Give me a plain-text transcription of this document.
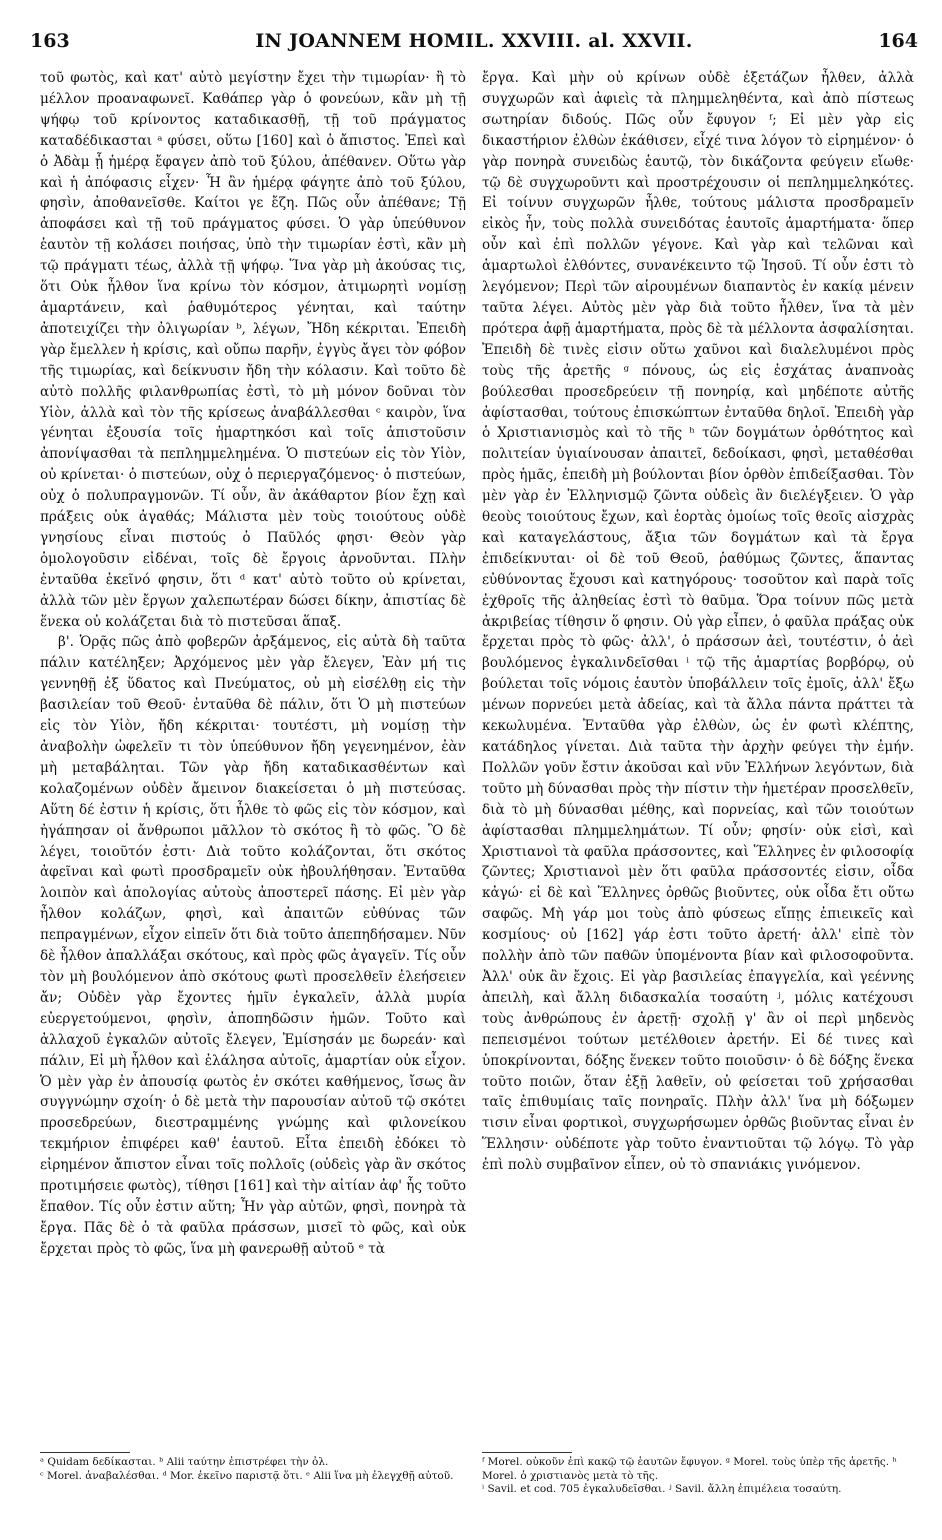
163	IN JOANNEM HOMIL. XXVIII. al. XXVII.	164

τοῦ φωτὸς, καὶ κατ' αὐτὸ μεγίστην ἔχει τὴν τιμωρίαν· ἢ τὸ μέλλον προαναφωνεῖ. Καθάπερ γὰρ ὁ φονεύων, κἂν μὴ τῇ ψήφῳ τοῦ κρίνοντος καταδικασθῇ, τῇ τοῦ πράγματος καταδέδικασται ᵃ φύσει, οὕτω [160] καὶ ὁ ἄπιστος. Ἐπεὶ καὶ ὁ Ἀδὰμ ᾗ ἡμέρᾳ ἔφαγεν ἀπὸ τοῦ ξύλου, ἀπέθανεν. Οὕτω γὰρ καὶ ἡ ἀπόφασις εἶχεν· Ἧ ἂν ἡμέρᾳ φάγητε ἀπὸ τοῦ ξύλου, φησὶν, ἀποθανεῖσθε. Καίτοι γε ἔζη. Πῶς οὖν ἀπέθανε; Τῇ ἀποφάσει καὶ τῇ τοῦ πράγματος φύσει. Ὁ γὰρ ὑπεύθυνον ἑαυτὸν τῇ κολάσει ποιήσας, ὑπὸ τὴν τιμωρίαν ἐστὶ, κἂν μὴ τῷ πράγματι τέως, ἀλλὰ τῇ ψήφῳ. Ἵνα γὰρ μὴ ἀκούσας τις, ὅτι Οὐκ ἦλθον ἵνα κρίνω τὸν κόσμον, ἀτιμωρητὶ νομίσῃ ἁμαρτάνειν, καὶ ῥαθυμότερος γένηται, καὶ ταύτην ἀποτειχίζει τὴν ὀλιγωρίαν ᵇ, λέγων, Ἤδη κέκριται. Ἐπειδὴ γὰρ ἔμελλεν ἡ κρίσις, καὶ οὔπω παρῆν, ἐγγὺς ἄγει τὸν φόβον τῆς τιμωρίας, καὶ δείκνυσιν ἤδη τὴν κόλασιν. Καὶ τοῦτο δὲ αὐτὸ πολλῆς φιλανθρωπίας ἐστὶ, τὸ μὴ μόνον δοῦναι τὸν Υἱὸν, ἀλλὰ καὶ τὸν τῆς κρίσεως ἀναβάλλεσθαι ᶜ καιρὸν, ἵνα γένηται ἐξουσία τοῖς ἡμαρτηκόσι καὶ τοῖς ἀπιστοῦσιν ἀπονίψασθαι τὰ πεπλημμελημένα. Ὁ πιστεύων εἰς τὸν Υἱὸν, οὐ κρίνεται· ὁ πιστεύων, οὐχ ὁ περιεργαζόμενος· ὁ πιστεύων, οὐχ ὁ πολυπραγμονῶν. Τί οὖν, ἂν ἀκάθαρτον βίον ἔχῃ καὶ πράξεις οὐκ ἀγαθάς; Μάλιστα μὲν τοὺς τοιούτους οὐδὲ γνησίους εἶναι πιστούς ὁ Παῦλός φησι· Θεὸν γὰρ ὁμολογοῦσιν εἰδέναι, τοῖς δὲ ἔργοις ἀρνοῦνται. Πλὴν ἐνταῦθα ἐκεῖνό φησιν, ὅτι ᵈ κατ' αὐτὸ τοῦτο οὐ κρίνεται, ἀλλὰ τῶν μὲν ἔργων χαλεπωτέραν δώσει δίκην, ἀπιστίας δὲ ἕνεκα οὐ κολάζεται διὰ τὸ πιστεῦσαι ἅπαξ.

β'. Ὁρᾷς πῶς ἀπὸ φοβερῶν ἀρξάμενος, εἰς αὐτὰ δὴ ταῦτα πάλιν κατέληξεν; Ἀρχόμενος μὲν γὰρ ἔλεγεν, Ἐὰν μή τις γεννηθῇ ἐξ ὕδατος καὶ Πνεύματος, οὐ μὴ εἰσέλθῃ εἰς τὴν βασιλείαν τοῦ Θεοῦ· ἐνταῦθα δὲ πάλιν, ὅτι Ὁ μὴ πιστεύων εἰς τὸν Υἱὸν, ἤδη κέκριται· τουτέστι, μὴ νομίσῃ τὴν ἀναβολὴν ὠφελεῖν τι τὸν ὑπεύθυνον ἤδη γεγενημένον, ἐὰν μὴ μεταβάληται. Τῶν γὰρ ἤδη καταδικασθέντων καὶ κολαζομένων οὐδὲν ἄμεινον διακείσεται ὁ μὴ πιστεύσας. Αὕτη δέ ἐστιν ἡ κρίσις, ὅτι ἦλθε τὸ φῶς εἰς τὸν κόσμον, καὶ ἠγάπησαν οἱ ἄνθρωποι μᾶλλον τὸ σκότος ἢ τὸ φῶς. Ὃ δὲ λέγει, τοιοῦτόν ἐστι· Διὰ τοῦτο κολάζονται, ὅτι σκότος ἀφεῖναι καὶ φωτὶ προσδραμεῖν οὐκ ἠβουλήθησαν. Ἐνταῦθα λοιπὸν καὶ ἀπολογίας αὐτοὺς ἀποστερεῖ πάσης. Εἰ μὲν γὰρ ἦλθον κολάζων, φησὶ, καὶ ἀπαιτῶν εὐθύνας τῶν πεπραγμένων, εἶχον εἰπεῖν ὅτι διὰ τοῦτο ἀπεπηδήσαμεν. Νῦν δὲ ἦλθον ἀπαλλάξαι σκότους, καὶ πρὸς φῶς ἀγαγεῖν. Τίς οὖν τὸν μὴ βουλόμενον ἀπὸ σκότους φωτὶ προσελθεῖν ἐλεήσειεν ἄν; Οὐδὲν γὰρ ἔχοντες ἡμῖν ἐγκαλεῖν, ἀλλὰ μυρία εὐεργετούμενοι, φησὶν, ἀποπηδῶσιν ἡμῶν. Τοῦτο καὶ ἀλλαχοῦ ἐγκαλῶν αὐτοῖς ἔλεγεν, Ἐμίσησάν με δωρεάν· καὶ πάλιν, Εἰ μὴ ἦλθον καὶ ἐλάλησα αὐτοῖς, ἁμαρτίαν οὐκ εἶχον. Ὁ μὲν γὰρ ἐν ἀπουσίᾳ φωτὸς ἐν σκότει καθήμενος, ἴσως ἂν συγγνώμην σχοίη· ὁ δὲ μετὰ τὴν παρουσίαν αὐτοῦ τῷ σκότει προσεδρεύων, διεστραμμένης γνώμης καὶ φιλονείκου τεκμήριον ἐπιφέρει καθ' ἑαυτοῦ. Εἶτα ἐπειδὴ ἐδόκει τὸ εἰρημένον ἄπιστον εἶναι τοῖς πολλοῖς (οὐδεὶς γὰρ ἂν σκότος προτιμήσειε φωτὸς), τίθησι [161] καὶ τὴν αἰτίαν ἀφ' ἧς τοῦτο ἔπαθον. Τίς οὖν ἐστιν αὕτη; Ἦν γὰρ αὐτῶν, φησὶ, πονηρὰ τὰ ἔργα. Πᾶς δὲ ὁ τὰ φαῦλα πράσσων, μισεῖ τὸ φῶς, καὶ οὐκ ἔρχεται πρὸς τὸ φῶς, ἵνα μὴ φανερωθῇ αὐτοῦ ᵉ τὰ

ἔργα. Καὶ μὴν οὐ κρίνων οὐδὲ ἐξετάζων ἦλθεν, ἀλλὰ συγχωρῶν καὶ ἀφιεὶς τὰ πλημμεληθέντα, καὶ ἀπὸ πίστεως σωτηρίαν διδούς. Πῶς οὖν ἔφυγον ᶠ; Εἰ μὲν γὰρ εἰς δικαστήριον ἐλθὼν ἐκάθισεν, εἶχέ τινα λόγον τὸ εἰρημένον· ὁ γὰρ πονηρὰ συνειδὼς ἑαυτῷ, τὸν δικάζοντα φεύγειν εἴωθε· τῷ δὲ συγχωροῦντι καὶ προστρέχουσιν οἱ πεπλημμεληκότες. Εἰ τοίνυν συγχωρῶν ἦλθε, τούτους μάλιστα προσδραμεῖν εἰκὸς ἦν, τοὺς πολλὰ συνειδότας ἑαυτοῖς ἁμαρτήματα· ὅπερ οὖν καὶ ἐπὶ πολλῶν γέγονε. Καὶ γὰρ καὶ τελῶναι καὶ ἁμαρτωλοὶ ἐλθόντες, συνανέκειντο τῷ Ἰησοῦ. Τί οὖν ἐστι τὸ λεγόμενον; Περὶ τῶν αἱρουμένων διαπαντὸς ἐν κακίᾳ μένειν ταῦτα λέγει. Αὐτὸς μὲν γὰρ διὰ τοῦτο ἦλθεν, ἵνα τὰ μὲν πρότερα ἀφῇ ἁμαρτήματα, πρὸς δὲ τὰ μέλλοντα ἀσφαλίσηται. Ἐπειδὴ δὲ τινὲς εἰσιν οὕτω χαῦνοι καὶ διαλελυμένοι πρὸς τοὺς τῆς ἀρετῆς ᵍ πόνους, ὡς εἰς ἐσχάτας ἀναπνοὰς βούλεσθαι προσεδρεύειν τῇ πονηρίᾳ, καὶ μηδέποτε αὐτῆς ἀφίστασθαι, τούτους ἐπισκώπτων ἐνταῦθα δηλοῖ. Ἐπειδὴ γὰρ ὁ Χριστιανισμὸς καὶ τὸ τῆς ʰ τῶν δογμάτων ὀρθότητος καὶ πολιτείαν ὑγιαίνουσαν ἀπαιτεῖ, δεδοίκασι, φησὶ, μεταθέσθαι πρὸς ἡμᾶς, ἐπειδὴ μὴ βούλονται βίον ὀρθὸν ἐπιδείξασθαι. Τὸν μὲν γὰρ ἐν Ἑλληνισμῷ ζῶντα οὐδεὶς ἂν διελέγξειεν. Ὁ γὰρ θεοὺς τοιούτους ἔχων, καὶ ἑορτὰς ὁμοίως τοῖς θεοῖς αἰσχρὰς καὶ καταγελάστους, ἄξια τῶν δογμάτων καὶ τὰ ἔργα ἐπιδείκνυται· οἱ δὲ τοῦ Θεοῦ, ῥαθύμως ζῶντες, ἅπαντας εὐθύνοντας ἔχουσι καὶ κατηγόρους· τοσοῦτον καὶ παρὰ τοῖς ἐχθροῖς τῆς ἀληθείας ἐστὶ τὸ θαῦμα. Ὅρα τοίνυν πῶς μετὰ ἀκριβείας τίθησιν ὅ φησιν. Οὐ γὰρ εἶπεν, ὁ φαῦλα πράξας οὐκ ἔρχεται πρὸς τὸ φῶς· ἀλλ', ὁ πράσσων ἀεὶ, τουτέστιν, ὁ ἀεὶ βουλόμενος ἐγκαλινδεῖσθαι ⁱ τῷ τῆς ἁμαρτίας βορβόρῳ, οὐ βούλεται τοῖς νόμοις ἑαυτὸν ὑποβάλλειν τοῖς ἐμοῖς, ἀλλ' ἔξω μένων πορνεύει μετὰ ἀδείας, καὶ τὰ ἄλλα πάντα πράττει τὰ κεκωλυμένα. Ἐνταῦθα γὰρ ἐλθὼν, ὡς ἐν φωτὶ κλέπτης, κατάδηλος γίνεται. Διὰ ταῦτα τὴν ἀρχὴν φεύγει τὴν ἐμήν. Πολλῶν γοῦν ἔστιν ἀκοῦσαι καὶ νῦν Ἑλλήνων λεγόντων, διὰ τοῦτο μὴ δύνασθαι πρὸς τὴν πίστιν τὴν ἡμετέραν προσελθεῖν, διὰ τὸ μὴ δύνασθαι μέθης, καὶ πορνείας, καὶ τῶν τοιούτων ἀφίστασθαι πλημμελημάτων. Τί οὖν; φησίν· οὐκ εἰσὶ, καὶ Χριστιανοὶ τὰ φαῦλα πράσσοντες, καὶ Ἕλληνες ἐν φιλοσοφίᾳ ζῶντες; Χριστιανοὶ μὲν ὅτι φαῦλα πράσσοντές εἰσιν, οἶδα κἀγώ· εἰ δὲ καὶ Ἕλληνες ὀρθῶς βιοῦντες, οὐκ οἶδα ἔτι οὕτω σαφῶς. Μὴ γάρ μοι τοὺς ἀπὸ φύσεως εἴπῃς ἐπιεικεῖς καὶ κοσμίους· οὐ [162] γάρ ἐστι τοῦτο ἀρετή· ἀλλ' εἰπὲ τὸν πολλὴν ἀπὸ τῶν παθῶν ὑπομένοντα βίαν καὶ φιλοσοφοῦντα. Ἀλλ' οὐκ ἂν ἔχοις. Εἰ γὰρ βασιλείας ἐπαγγελία, καὶ γεέννης ἀπειλὴ, καὶ ἄλλη διδασκαλία τοσαύτη ʲ, μόλις κατέχουσι τοὺς ἀνθρώπους ἐν ἀρετῇ· σχολῇ γ' ἂν οἱ περὶ μηδενὸς πεπεισμένοι τούτων μετέλθοιεν ἀρετήν. Εἰ δέ τινες καὶ ὑποκρίνονται, δόξης ἕνεκεν τοῦτο ποιοῦσιν· ὁ δὲ δόξης ἕνεκα τοῦτο ποιῶν, ὅταν ἐξῇ λαθεῖν, οὐ φείσεται τοῦ χρήσασθαι ταῖς ἐπιθυμίαις ταῖς πονηραῖς. Πλὴν ἀλλ' ἵνα μὴ δόξωμεν τισιν εἶναι φορτικοὶ, συγχωρήσωμεν ὀρθῶς βιοῦντας εἶναι ἐν Ἕλλησιν· οὐδέποτε γὰρ τοῦτο ἐναντιοῦται τῷ λόγῳ. Τὸ γὰρ ἐπὶ πολὺ συμβαῖνον εἶπεν, οὐ τὸ σπανιάκις γινόμενον.

ᵃ Quidam δεδίκασται. ᵇ Alii ταύτην ἐπιστρέφει τὴν ὀλ.

ᶜ Morel. ἀναβαλέσθαι. ᵈ Mor. ἐκεῖνο παριστᾷ ὅτι. ᵉ Alii ἵνα μὴ ἐλεγχθῇ αὐτοῦ.

ᶠ Morel. οὐκοῦν ἐπὶ κακῷ τῷ ἑαυτῶν ἔφυγον. ᵍ Morel. τοὺς ὑπὲρ τῆς ἀρετῆς. ʰ Morel. ὁ χριστιανὸς μετὰ τὸ τῆς.

ⁱ Savil. et cod. 705 ἐγκαλυδεῖσθαι. ʲ Savil. ἄλλη ἐπιμέλεια τοσαύτη.
